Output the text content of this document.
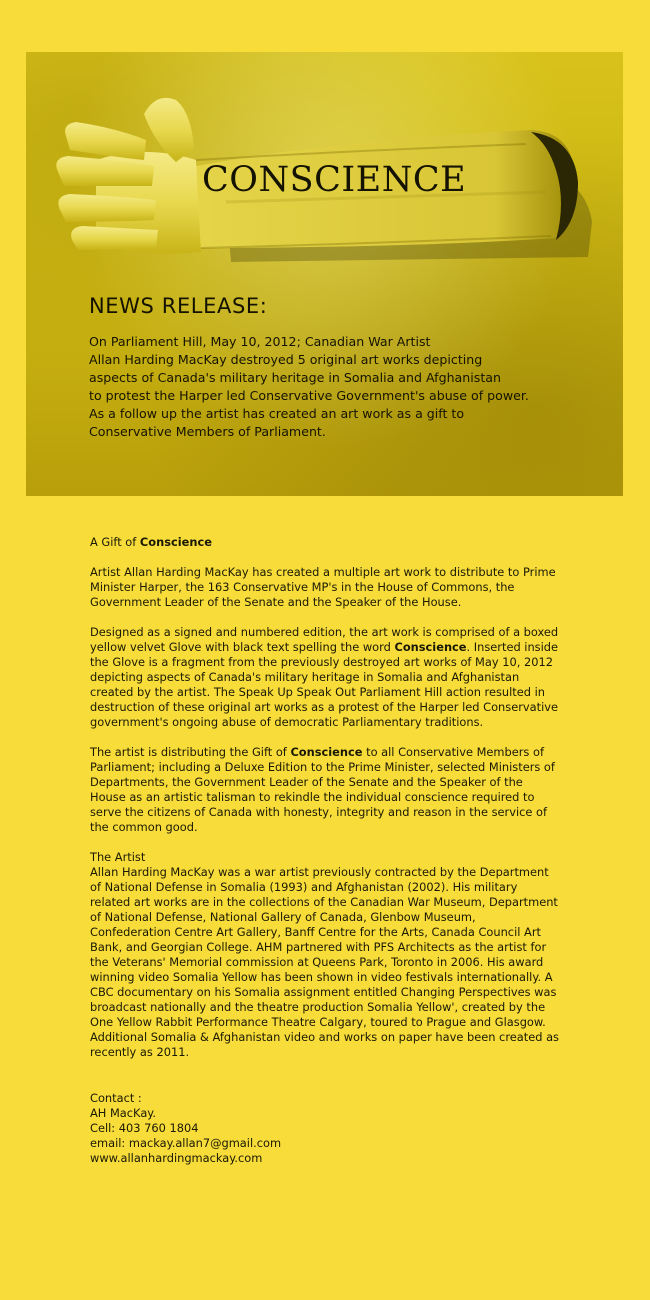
CONSCIENCE
NEWS RELEASE:
On Parliament Hill, May 10, 2012; Canadian War Artist
Allan Harding MacKay destroyed 5 original art works depicting
aspects of Canada's military heritage in Somalia and Afghanistan
to protest the Harper led Conservative Government's abuse of power.
As a follow up the artist has created an art work as a gift to
Conservative Members of Parliament.

A Gift of Conscience

Artist Allan Harding MacKay has created a multiple art work to distribute to Prime Minister Harper, the 163 Conservative MP's in the House of Commons, the Government Leader of the Senate and the Speaker of the House.

Designed as a signed and numbered edition, the art work is comprised of a boxed yellow velvet Glove with black text spelling the word Conscience. Inserted inside the Glove is a fragment from the previously destroyed art works of May 10, 2012 depicting aspects of Canada's military heritage in Somalia and Afghanistan created by the artist. The Speak Up Speak Out Parliament Hill action resulted in destruction of these original art works as a protest of the Harper led Conservative government's ongoing abuse of democratic Parliamentary traditions.

The artist is distributing the Gift of Conscience to all Conservative Members of Parliament; including a Deluxe Edition to the Prime Minister, selected Ministers of Departments, the Government Leader of the Senate and the Speaker of the House as an artistic talisman to rekindle the individual conscience required to serve the citizens of Canada with honesty, integrity and reason in the service of the common good.

The Artist
Allan Harding MacKay was a war artist previously contracted by the Department of National Defense in Somalia (1993) and Afghanistan (2002). His military related art works are in the collections of the Canadian War Museum, Department of National Defense, National Gallery of Canada, Glenbow Museum, Confederation Centre Art Gallery, Banff Centre for the Arts, Canada Council Art Bank, and Georgian College. AHM partnered with PFS Architects as the artist for the Veterans' Memorial commission at Queens Park, Toronto in 2006. His award winning video Somalia Yellow has been shown in video festivals internationally. A CBC documentary on his Somalia assignment entitled Changing Perspectives was broadcast nationally and the theatre production Somalia Yellow', created by the One Yellow Rabbit Performance Theatre Calgary, toured to Prague and Glasgow. Additional Somalia & Afghanistan video and works on paper have been created as recently as 2011.

Contact :
AH MacKay.
Cell: 403 760 1804
email: mackay.allan7@gmail.com
www.allanhardingmackay.com
